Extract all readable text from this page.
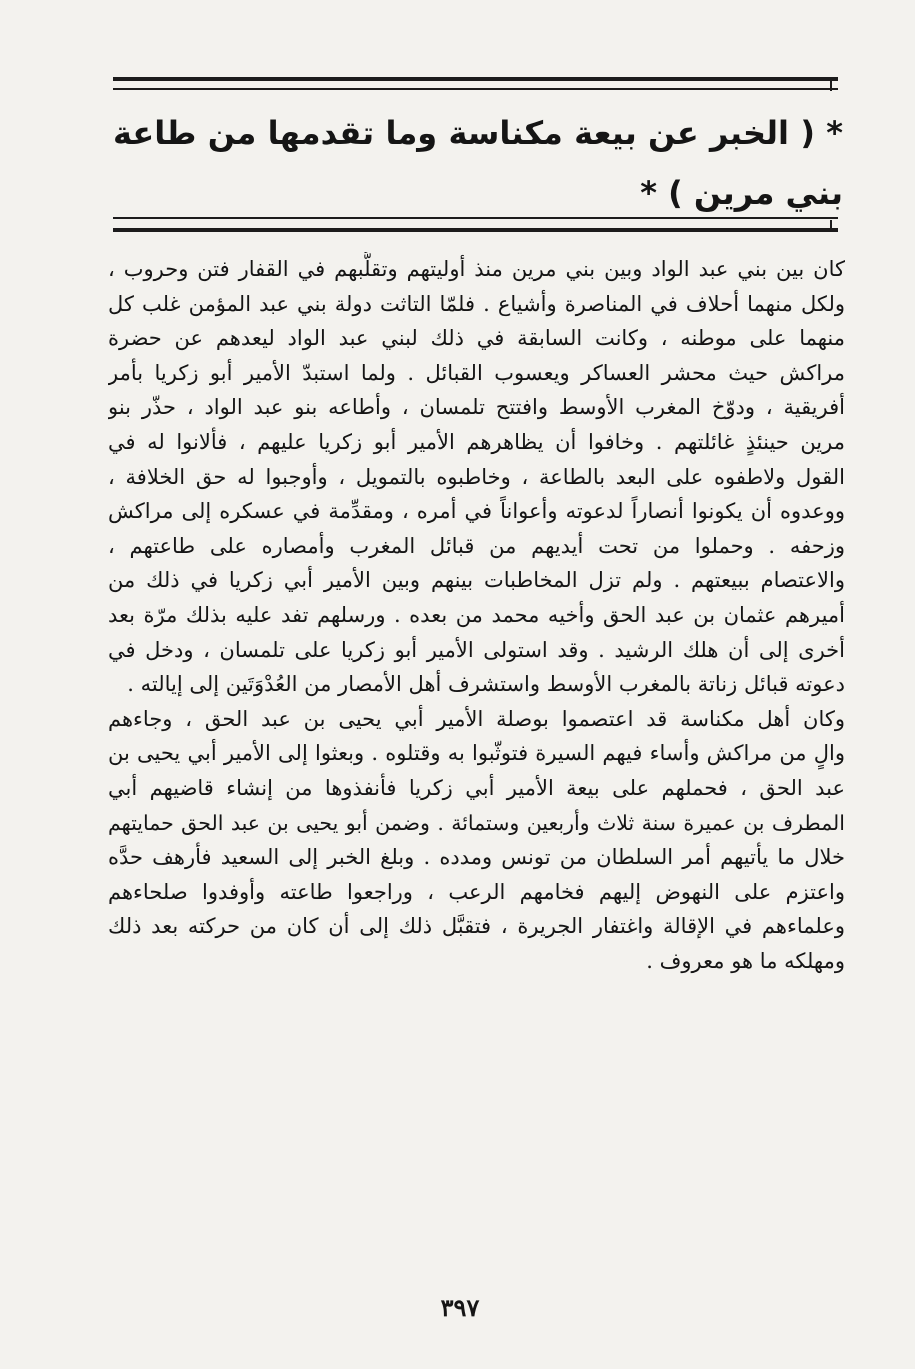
* ( الخبر عن بيعة مكناسة وما تقدمها من طاعة بني مرين ) *
كان بين بني عبد الواد وبين بني مرين منذ أوليتهم وتقلُّبهم في القفار فتن وحروب ،
ولكل منهما أحلاف في المناصرة وأشياع . فلمّا التاثت دولة بني عبد المؤمن غلب كل
منهما على موطنه ، وكانت السابقة في ذلك لبني عبد الواد ليعدهم عن حضرة
مراكش حيث محشر العساكر ويعسوب القبائل . ولما استبدّ الأمير أبو زكريا بأمر
أفريقية ، ودوّخ المغرب الأوسط وافتتح تلمسان ، وأطاعه بنو عبد الواد ، حذّر بنو
مرين حينئذٍ غائلتهم . وخافوا أن يظاهرهم الأمير أبو زكريا عليهم ، فألانوا له في
القول ولاطفوه على البعد بالطاعة ، وخاطبوه بالتمويل ، وأوجبوا له حق الخلافة ،
ووعدوه أن يكونوا أنصاراً لدعوته وأعواناً في أمره ، ومقدِّمة في عسكره إلى مراكش
وزحفه . وحملوا من تحت أيديهم من قبائل المغرب وأمصاره على طاعتهم ،
والاعتصام ببيعتهم . ولم تزل المخاطبات بينهم وبين الأمير أبي زكريا في ذلك من
أميرهم عثمان بن عبد الحق وأخيه محمد من بعده . ورسلهم تفد عليه بذلك مرّة بعد
أخرى إلى أن هلك الرشيد . وقد استولى الأمير أبو زكريا على تلمسان ، ودخل في
دعوته قبائل زناتة بالمغرب الأوسط واستشرف أهل الأمصار من العُدْوَتَين إلى إيالته .
وكان أهل مكناسة قد اعتصموا بوصلة الأمير أبي يحيى بن عبد الحق ، وجاءهم
والٍ من مراكش وأساء فيهم السيرة فتوثّبوا به وقتلوه . وبعثوا إلى الأمير أبي يحيى بن
عبد الحق ، فحملهم على بيعة الأمير أبي زكريا فأنفذوها من إنشاء قاضيهم أبي
المطرف بن عميرة سنة ثلاث وأربعين وستمائة . وضمن أبو يحيى بن عبد الحق حمايتهم
خلال ما يأتيهم أمر السلطان من تونس ومدده . وبلغ الخبر إلى السعيد فأرهف حدَّه
واعتزم على النهوض إليهم فخامهم الرعب ، وراجعوا طاعته وأوفدوا صلحاءهم
وعلماءهم في الإقالة واغتفار الجريرة ، فتقبَّل ذلك إلى أن كان من حركته بعد ذلك
ومهلكه ما هو معروف .
٣٩٧
